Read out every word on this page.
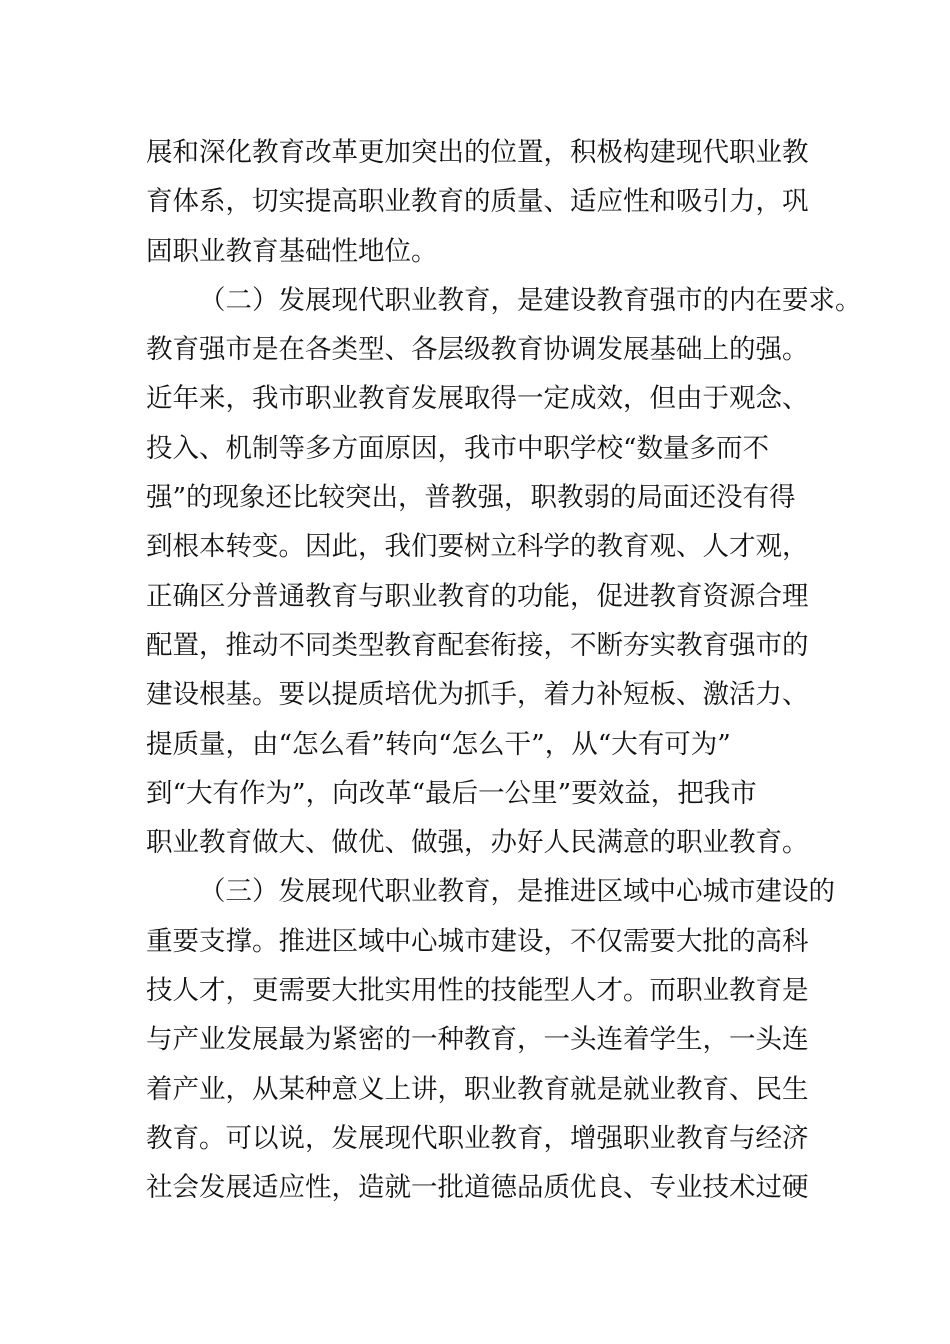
展和深化教育改革更加突出的位置，积极构建现代职业教
育体系，切实提高职业教育的质量、适应性和吸引力，巩
固职业教育基础性地位。
（二）发展现代职业教育，是建设教育强市的内在要求。
教育强市是在各类型、各层级教育协调发展基础上的强。
近年来，我市职业教育发展取得一定成效，但由于观念、
投入、机制等多方面原因，我市中职学校“数量多而不
强”的现象还比较突出，普教强，职教弱的局面还没有得
到根本转变。因此，我们要树立科学的教育观、人才观，
正确区分普通教育与职业教育的功能，促进教育资源合理
配置，推动不同类型教育配套衔接，不断夯实教育强市的
建设根基。要以提质培优为抓手，着力补短板、激活力、
提质量，由“怎么看”转向“怎么干”，从“大有可为”
到“大有作为”，向改革“最后一公里”要效益，把我市
职业教育做大、做优、做强，办好人民满意的职业教育。
（三）发展现代职业教育，是推进区域中心城市建设的
重要支撑。推进区域中心城市建设，不仅需要大批的高科
技人才，更需要大批实用性的技能型人才。而职业教育是
与产业发展最为紧密的一种教育，一头连着学生，一头连
着产业，从某种意义上讲，职业教育就是就业教育、民生
教育。可以说，发展现代职业教育，增强职业教育与经济
社会发展适应性，造就一批道德品质优良、专业技术过硬
